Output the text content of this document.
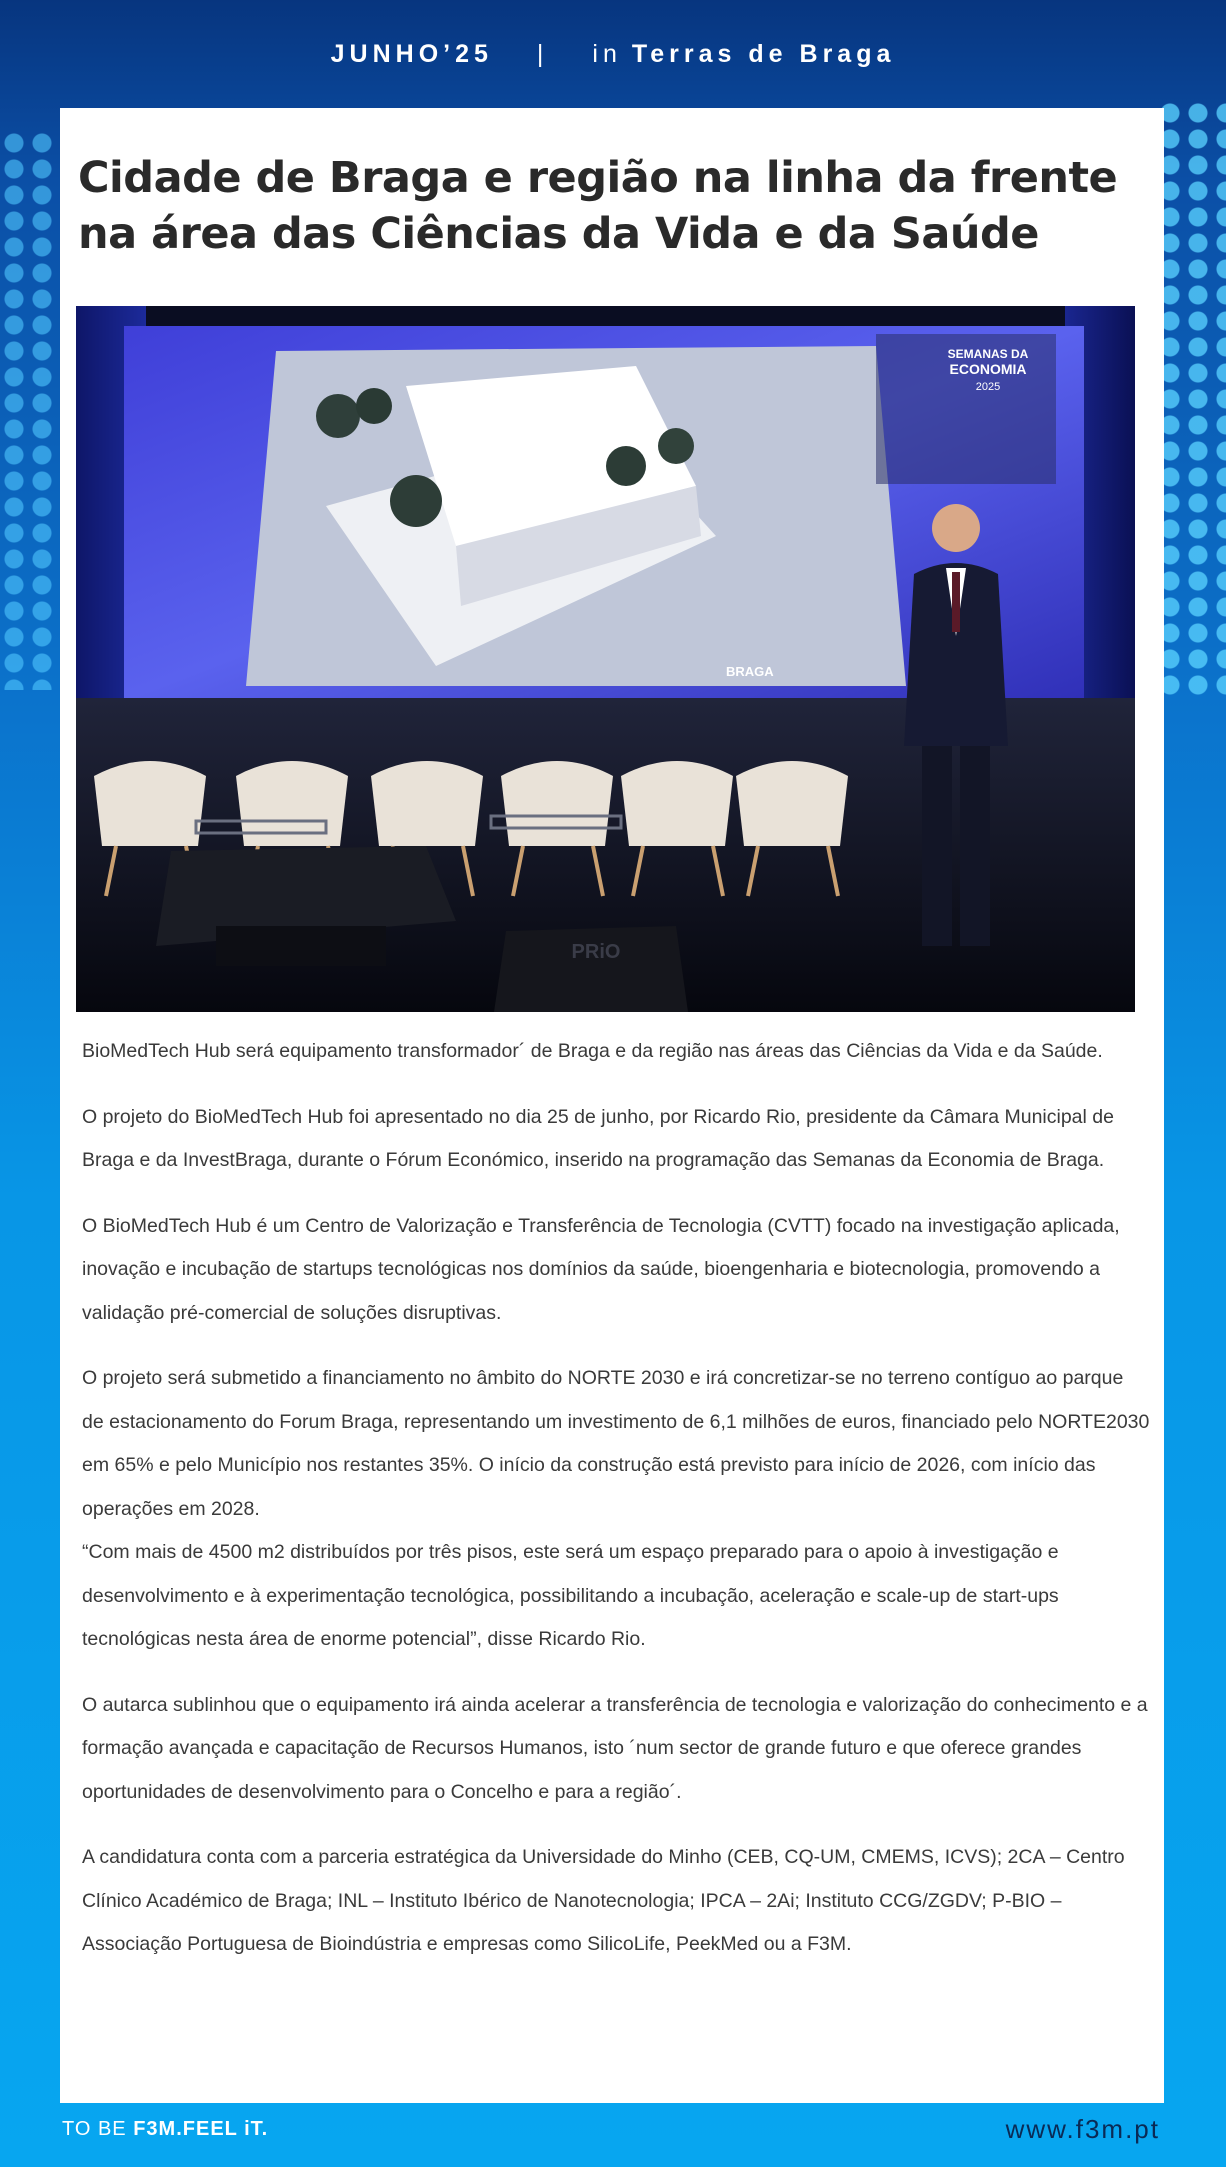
JUNHO’25 | in Terras de Braga
Cidade de Braga e região na linha da frente na área das Ciências da Vida e da Saúde
SEMANAS DA
ECONOMIA
2025
BRAGA
PRiO

BioMedTech Hub será equipamento transformador´ de Braga e da região nas áreas das Ciências da Vida e da Saúde.

O projeto do BioMedTech Hub foi apresentado no dia 25 de junho, por Ricardo Rio, presidente da Câmara Municipal de Braga e da InvestBraga, durante o Fórum Económico, inserido na programação das Semanas da Economia de Braga.

O BioMedTech Hub é um Centro de Valorização e Transferência de Tecnologia (CVTT) focado na investigação aplicada, inovação e incubação de startups tecnológicas nos domínios da saúde, bioengenharia e biotecnologia, promovendo a validação pré-comercial de soluções disruptivas.

O projeto será submetido a financiamento no âmbito do NORTE 2030 e irá concretizar-se no terreno contíguo ao parque de estacionamento do Forum Braga, representando um investimento de 6,1 milhões de euros, financiado pelo NORTE2030 em 65% e pelo Município nos restantes 35%. O início da construção está previsto para início de 2026, com início das operações em 2028.

“Com mais de 4500 m2 distribuídos por três pisos, este será um espaço preparado para o apoio à investigação e desenvolvimento e à experimentação tecnológica, possibilitando a incubação, aceleração e scale-up de start-ups tecnológicas nesta área de enorme potencial”, disse Ricardo Rio.

O autarca sublinhou que o equipamento irá ainda acelerar a transferência de tecnologia e valorização do conhecimento e a formação avançada e capacitação de Recursos Humanos, isto ´num sector de grande futuro e que oferece grandes oportunidades de desenvolvimento para o Concelho e para a região´.

A candidatura conta com a parceria estratégica da Universidade do Minho (CEB, CQ-UM, CMEMS, ICVS); 2CA – Centro Clínico Académico de Braga; INL – Instituto Ibérico de Nanotecnologia; IPCA – 2Ai; Instituto CCG/ZGDV; P-BIO – Associação Portuguesa de Bioindústria e empresas como SilicoLife, PeekMed ou a F3M.

TO BE F3M.FEEL iT.	www.f3m.pt
